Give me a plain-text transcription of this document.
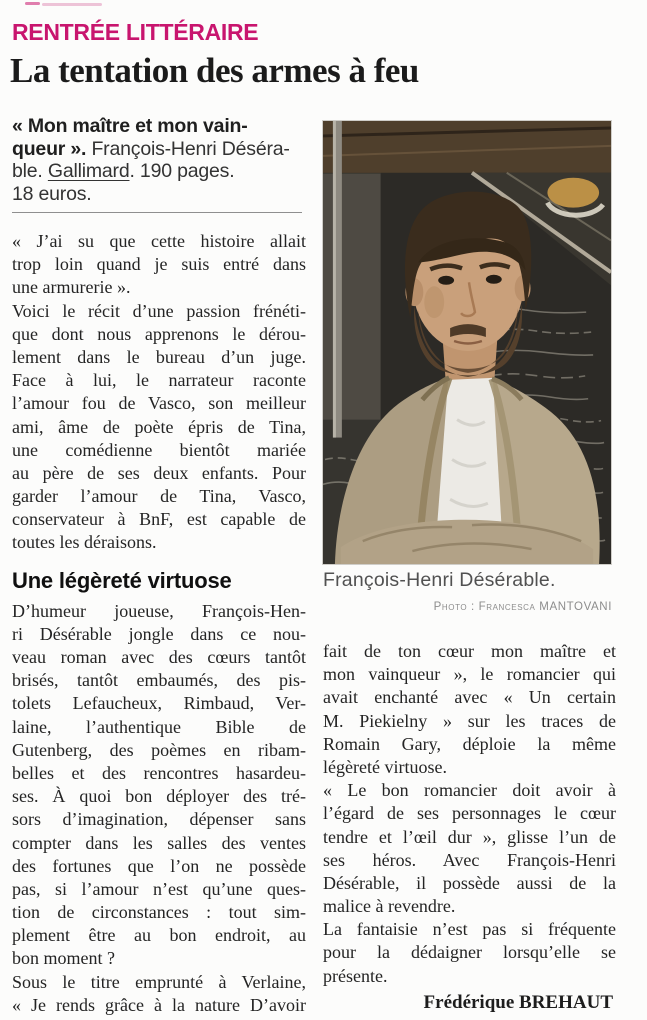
RENTRÉE LITTÉRAIRE
La tentation des armes à feu
« Mon maître et mon vain-
queur ». François-Henri Déséra-
ble. Gallimard. 190 pages.
18 euros.
François-Henri Désérable.
Photo : Francesca MANTOVANI
« J’ai su que cette histoire allait
trop loin quand je suis entré dans
une armurerie ».
Voici le récit d’une passion frénéti-
que dont nous apprenons le dérou-
lement dans le bureau d’un juge.
Face à lui, le narrateur raconte
l’amour fou de Vasco, son meilleur
ami, âme de poète épris de Tina,
une comédienne bientôt mariée
au père de ses deux enfants. Pour
garder l’amour de Tina, Vasco,
conservateur à BnF, est capable de
toutes les déraisons.
Une légèreté virtuose
D’humeur joueuse, François-Hen-
ri Désérable jongle dans ce nou-
veau roman avec des cœurs tantôt
brisés, tantôt embaumés, des pis-
tolets Lefaucheux, Rimbaud, Ver-
laine, l’authentique Bible de
Gutenberg, des poèmes en ribam-
belles et des rencontres hasardeu-
ses. À quoi bon déployer des tré-
sors d’imagination, dépenser sans
compter dans les salles des ventes
des fortunes que l’on ne possède
pas, si l’amour n’est qu’une ques-
tion de circonstances : tout sim-
plement être au bon endroit, au
bon moment ?
Sous le titre emprunté à Verlaine,
« Je rends grâce à la nature D’avoir
fait de ton cœur mon maître et
mon vainqueur », le romancier qui
avait enchanté avec « Un certain
M. Piekielny » sur les traces de
Romain Gary, déploie la même
légèreté virtuose.
« Le bon romancier doit avoir à
l’égard de ses personnages le cœur
tendre et l’œil dur », glisse l’un de
ses héros. Avec François-Henri
Désérable, il possède aussi de la
malice à revendre.
La fantaisie n’est pas si fréquente
pour la dédaigner lorsqu’elle se
présente.
Frédérique BREHAUT
